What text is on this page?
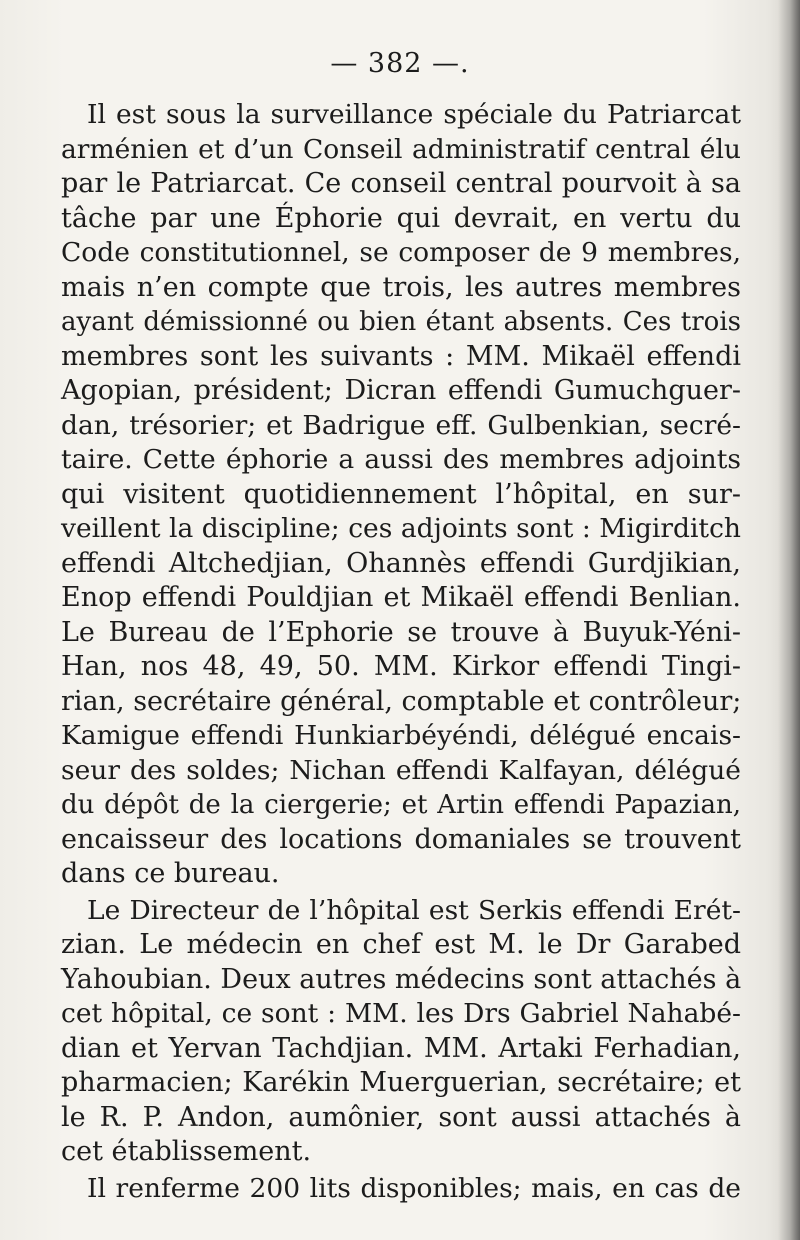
— 382 —.
Il est sous la surveillance spéciale du Patriarcat
arménien et d’un Conseil administratif central élu
par le Patriarcat. Ce conseil central pourvoit à sa
tâche par une Éphorie qui devrait, en vertu du
Code constitutionnel, se composer de 9 membres,
mais n’en compte que trois, les autres membres
ayant démissionné ou bien étant absents. Ces trois
membres sont les suivants : MM. Mikaël effendi
Agopian, président; Dicran effendi Gumuchguer-
dan, trésorier; et Badrigue eff. Gulbenkian, secré-
taire. Cette éphorie a aussi des membres adjoints
qui visitent quotidiennement l’hôpital, en sur-
veillent la discipline; ces adjoints sont : Migirditch
effendi Altchedjian, Ohannès effendi Gurdjikian,
Enop effendi Pouldjian et Mikaël effendi Benlian.
Le Bureau de l’Ephorie se trouve à Buyuk-Yéni-
Han, nos 48, 49, 50. MM. Kirkor effendi Tingi-
rian, secrétaire général, comptable et contrôleur;
Kamigue effendi Hunkiarbéyéndi, délégué encais-
seur des soldes; Nichan effendi Kalfayan, délégué
du dépôt de la ciergerie; et Artin effendi Papazian,
encaisseur des locations domaniales se trouvent
dans ce bureau.
Le Directeur de l’hôpital est Serkis effendi Erét-
zian. Le médecin en chef est M. le Dr Garabed
Yahoubian. Deux autres médecins sont attachés à
cet hôpital, ce sont : MM. les Drs Gabriel Nahabé-
dian et Yervan Tachdjian. MM. Artaki Ferhadian,
pharmacien; Karékin Muerguerian, secrétaire; et
le R. P. Andon, aumônier, sont aussi attachés à
cet établissement.
Il renferme 200 lits disponibles; mais, en cas de
